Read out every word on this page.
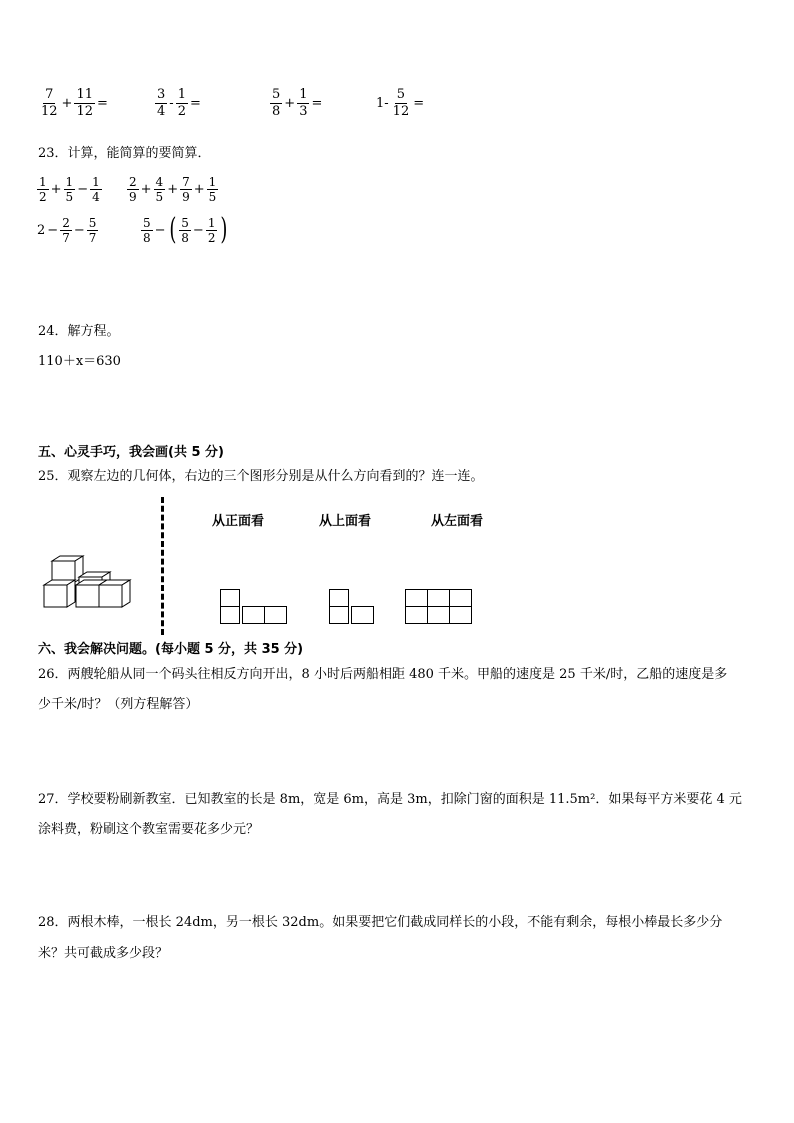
$\frac{7}{12} + \frac{11}{12}$ =	$\frac{3}{4} - \frac{1}{2}$ =	$\frac{5}{8} + \frac{1}{3}$ =	$1- \frac{5}{12}$ =
23．计算，能简算的要简算．
$\frac{1}{2} + \frac{1}{5} - \frac{1}{4} \frac{2}{9} + \frac{4}{5} + \frac{7}{9} + \frac{1}{5}$
$2 - \frac{2}{7} - \frac{5}{7}$	$\frac{5}{8}$ − ( $\frac{5}{8} - \frac{1}{2}$ )
24．解方程。
110＋x＝630
五、心灵手巧，我会画(共 5 分)
25．观察左边的几何体，右边的三个图形分别是从什么方向看到的？连一连。
从正面看	从上面看	从左面看
六、我会解决问题。(每小题 5 分，共 35 分)
26．两艘轮船从同一个码头往相反方向开出，8 小时后两船相距 480 千米。甲船的速度是 25 千米/时，乙船的速度是多
少千米/时？（列方程解答）
27．学校要粉刷新教室．已知教室的长是 8m，宽是 6m，高是 3m，扣除门窗的面积是 11.5m²．如果每平方米要花 4 元
涂料费，粉刷这个教室需要花多少元？
28．两根木棒，一根长 24dm，另一根长 32dm。如果要把它们截成同样长的小段，不能有剩余，每根小棒最长多少分
米？共可截成多少段？
